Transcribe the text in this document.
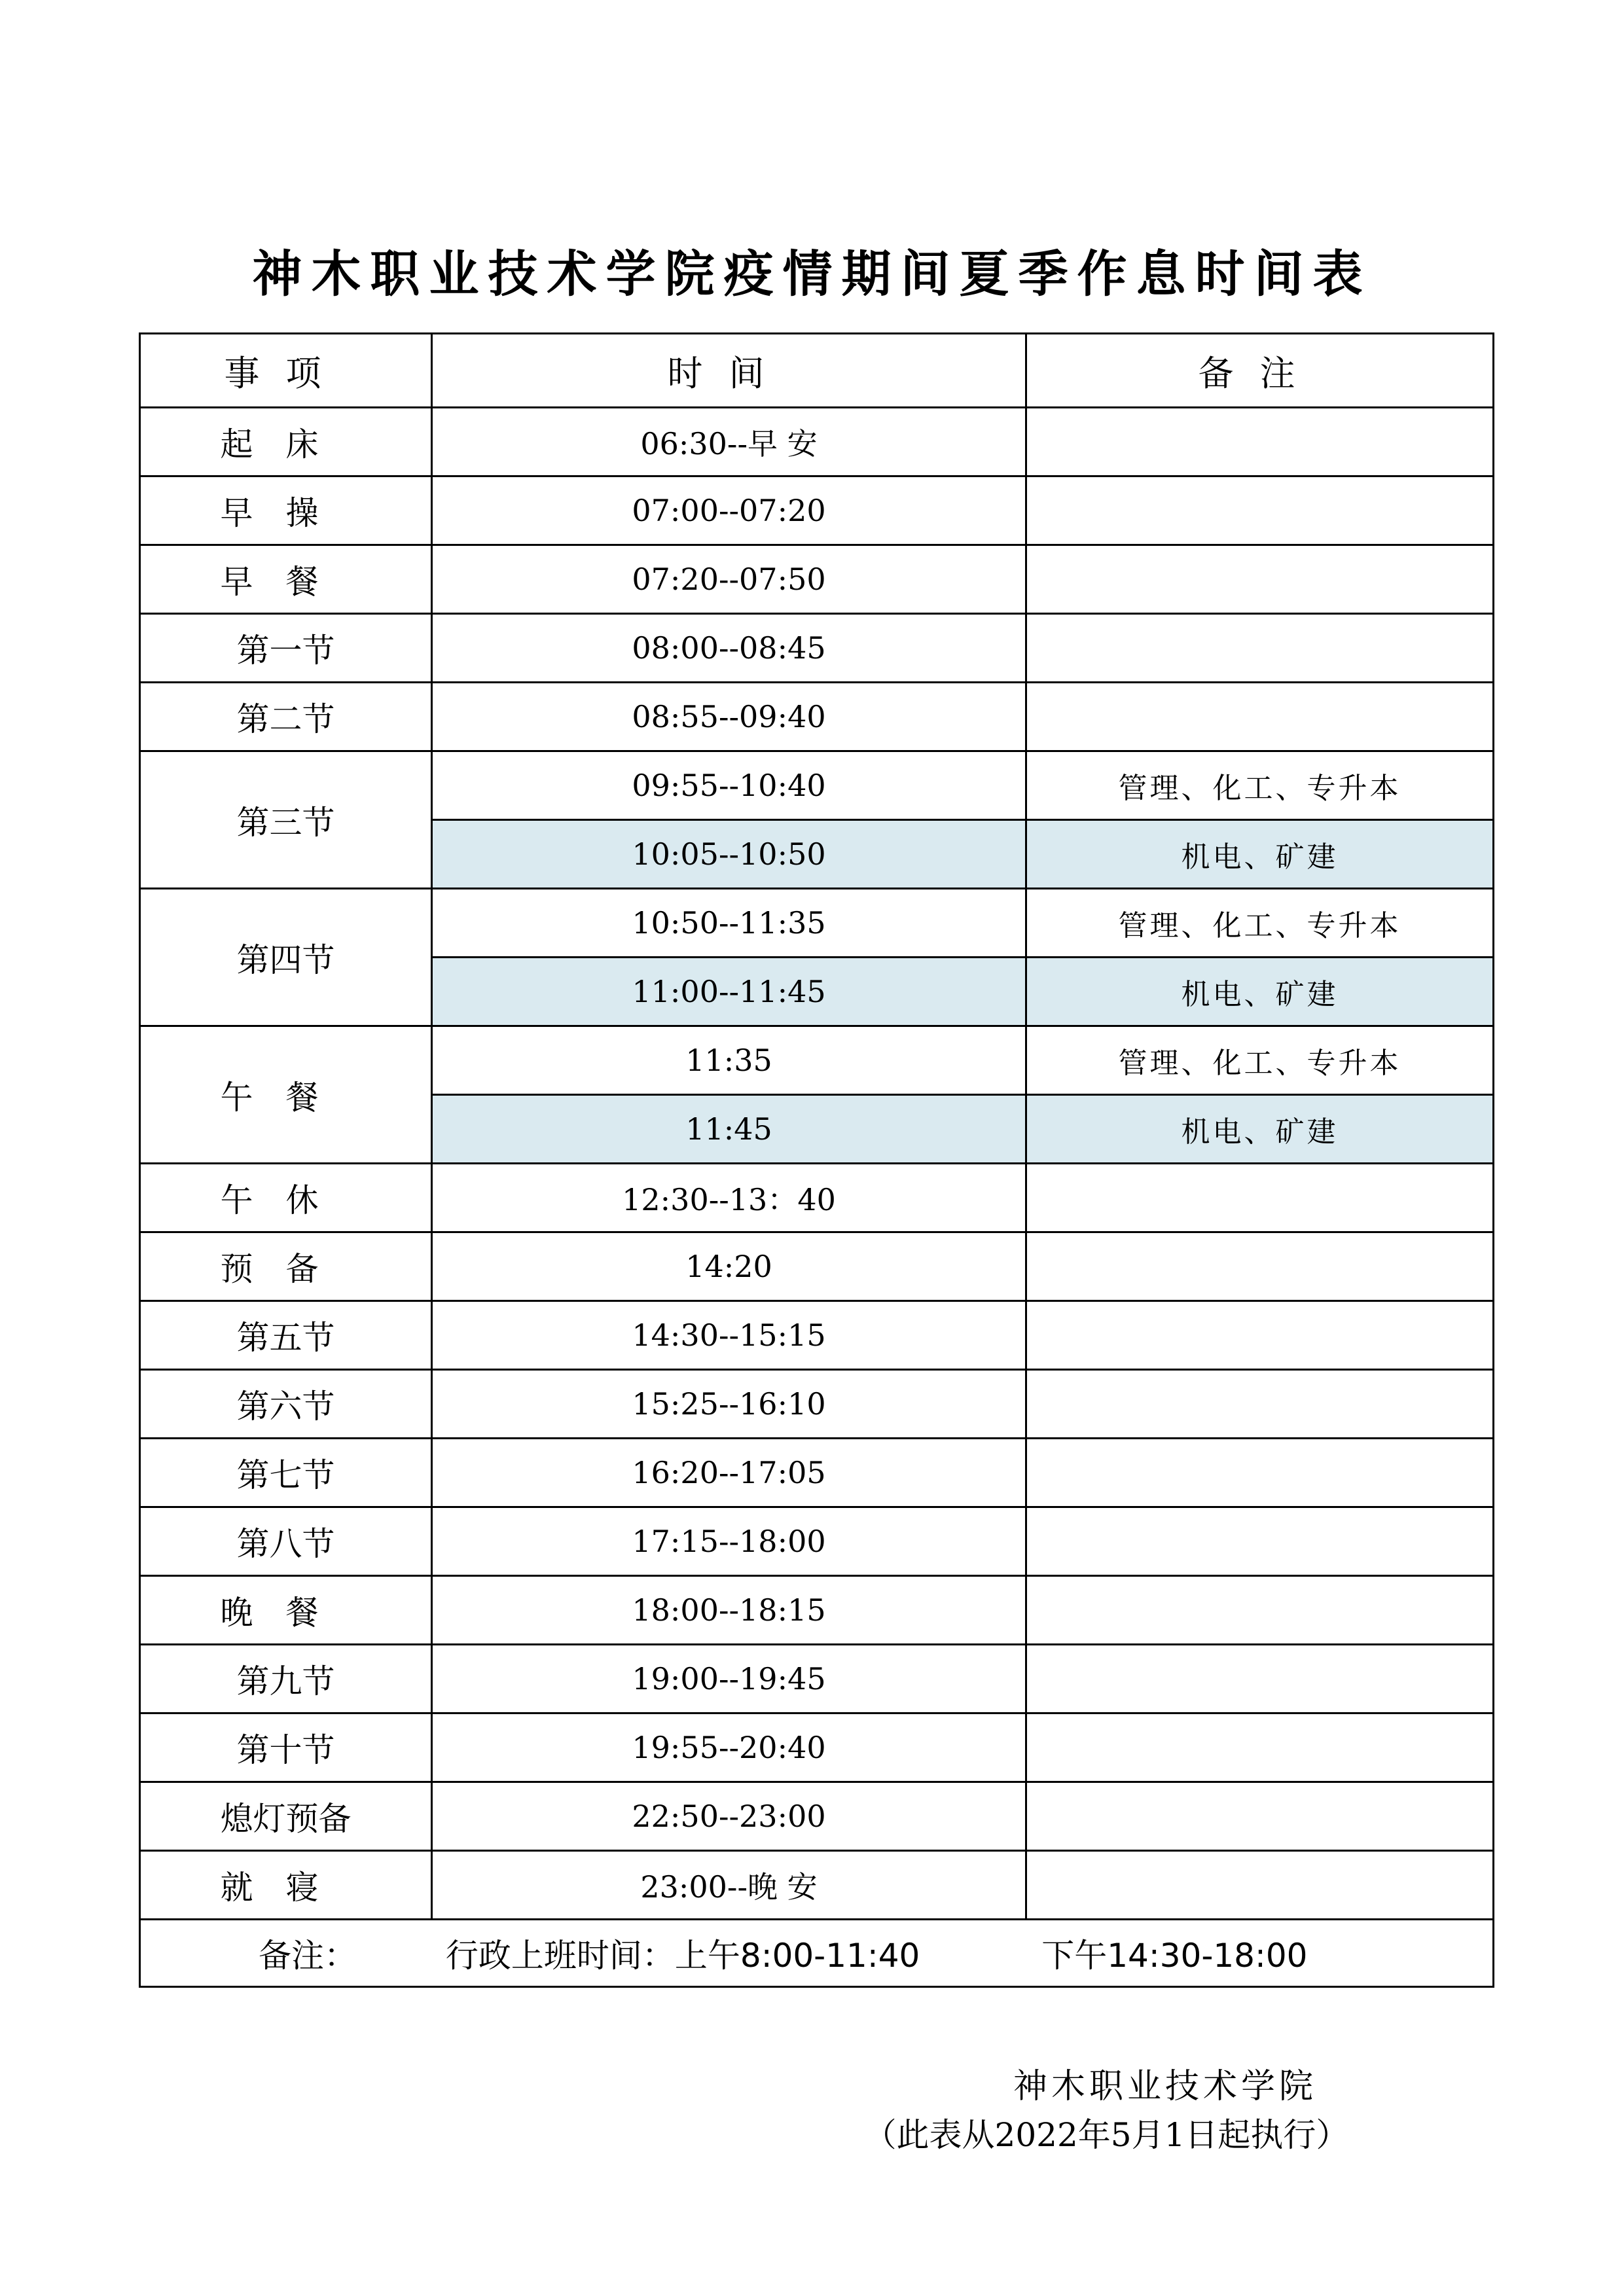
神木职业技术学院疫情期间夏季作息时间表
事项	时间	备注
起床	06:30--早 安	
早操	07:00--07:20	
早餐	07:20--07:50	
第一节	08:00--08:45	
第二节	08:55--09:40	
第三节	09:55--10:40	管理、化工、专升本
	10:05--10:50	机电、矿建
第四节	10:50--11:35	管理、化工、专升本
	11:00--11:45	机电、矿建
午餐	11:35	管理、化工、专升本
	11:45	机电、矿建
午休	12:30--13：40	
预备	14:20	
第五节	14:30--15:15	
第六节	15:25--16:10	
第七节	16:20--17:05	
第八节	17:15--18:00	
晚餐	18:00--18:15	
第九节	19:00--19:45	
第十节	19:55--20:40	
熄灯预备	22:50--23:00	
就寝	23:00--晚 安	
备注： 行政上班时间：上午8:00-11:40 下午14:30-18:00		
神木职业技术学院
（此表从2022年5月1日起执行）
